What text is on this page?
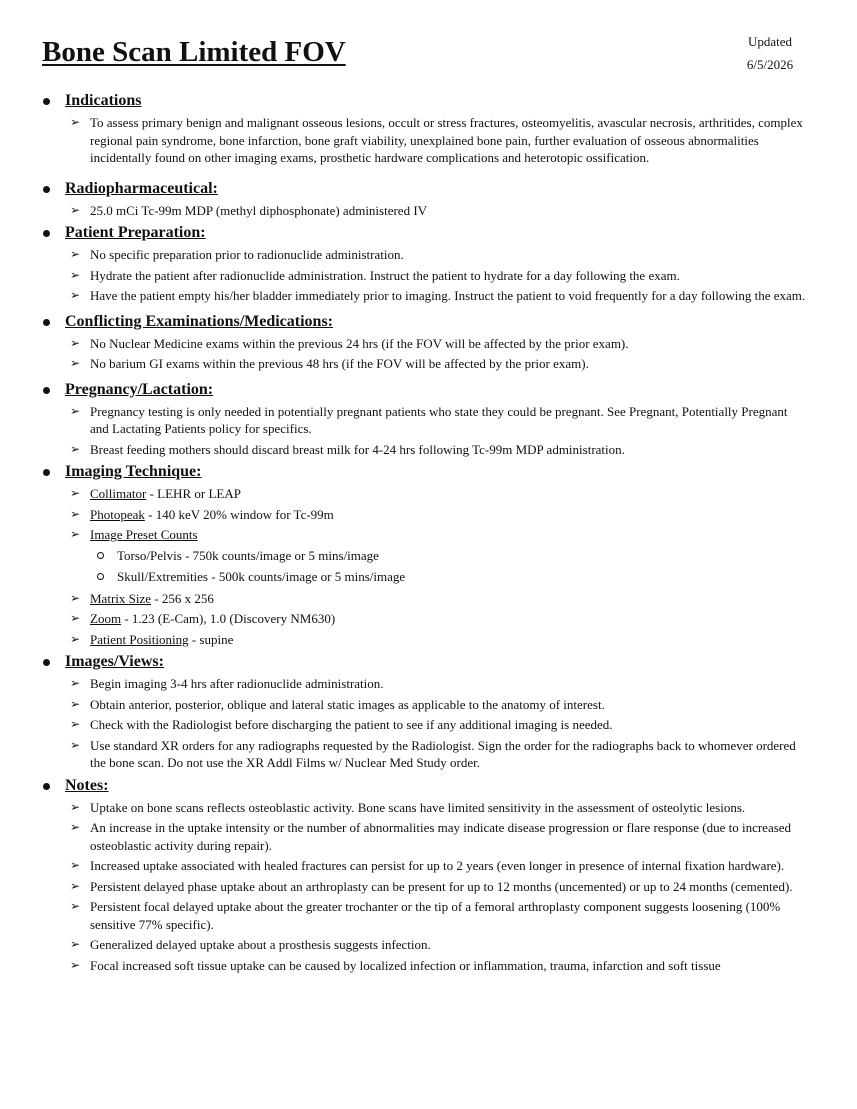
Bone Scan Limited FOV	Updated
6/5/2026
Indications
➢ To assess primary benign and malignant osseous lesions, occult or stress fractures, osteomyelitis, avascular necrosis, arthritides, complex regional pain syndrome, bone infarction, bone graft viability, unexplained bone pain, further evaluation of osseous abnormalities incidentally found on other imaging exams, prosthetic hardware complications and heterotopic ossification.
Radiopharmaceutical:
➢ 25.0 mCi Tc-99m MDP (methyl diphosphonate) administered IV
Patient Preparation:
➢ No specific preparation prior to radionuclide administration.
➢ Hydrate the patient after radionuclide administration. Instruct the patient to hydrate for a day following the exam.
➢ Have the patient empty his/her bladder immediately prior to imaging. Instruct the patient to void frequently for a day following the exam.
Conflicting Examinations/Medications:
➢ No Nuclear Medicine exams within the previous 24 hrs (if the FOV will be affected by the prior exam).
➢ No barium GI exams within the previous 48 hrs (if the FOV will be affected by the prior exam).
Pregnancy/Lactation:
➢ Pregnancy testing is only needed in potentially pregnant patients who state they could be pregnant. See Pregnant, Potentially Pregnant and Lactating Patients policy for specifics.
➢ Breast feeding mothers should discard breast milk for 4-24 hrs following Tc-99m MDP administration.
Imaging Technique:
➢ Collimator - LEHR or LEAP
➢ Photopeak - 140 keV 20% window for Tc-99m
➢ Image Preset Counts
Torso/Pelvis - 750k counts/image or 5 mins/image
Skull/Extremities - 500k counts/image or 5 mins/image
➢ Matrix Size - 256 x 256
➢ Zoom - 1.23 (E-Cam), 1.0 (Discovery NM630)
➢ Patient Positioning - supine
Images/Views:
➢ Begin imaging 3-4 hrs after radionuclide administration.
➢ Obtain anterior, posterior, oblique and lateral static images as applicable to the anatomy of interest.
➢ Check with the Radiologist before discharging the patient to see if any additional imaging is needed.
➢ Use standard XR orders for any radiographs requested by the Radiologist. Sign the order for the radiographs back to whomever ordered the bone scan. Do not use the XR Addl Films w/ Nuclear Med Study order.
Notes:
➢ Uptake on bone scans reflects osteoblastic activity. Bone scans have limited sensitivity in the assessment of osteolytic lesions.
➢ An increase in the uptake intensity or the number of abnormalities may indicate disease progression or flare response (due to increased osteoblastic activity during repair).
➢ Increased uptake associated with healed fractures can persist for up to 2 years (even longer in presence of internal fixation hardware).
➢ Persistent delayed phase uptake about an arthroplasty can be present for up to 12 months (uncemented) or up to 24 months (cemented).
➢ Persistent focal delayed uptake about the greater trochanter or the tip of a femoral arthroplasty component suggests loosening (100% sensitive 77% specific).
➢ Generalized delayed uptake about a prosthesis suggests infection.
➢ Focal increased soft tissue uptake can be caused by localized infection or inflammation, trauma, infarction and soft tissue
